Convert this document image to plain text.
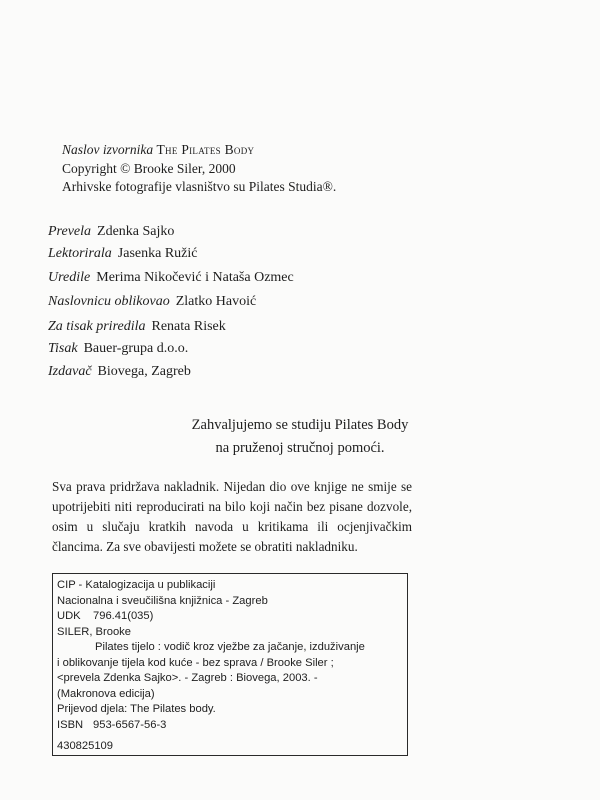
Naslov izvornika The Pilates Body
Copyright © Brooke Siler, 2000
Arhivske fotografije vlasništvo su Pilates Studia®.
Prevela Zdenka Sajko
Lektorirala Jasenka Ružić
Uredile Merima Nikočević i Nataša Ozmec
Naslovnicu oblikovao Zlatko Havoić
Za tisak priredila Renata Risek
Tisak Bauer-grupa d.o.o.
Izdavač Biovega, Zagreb
Zahvaljujemo se studiju Pilates Body
na pruženoj stručnoj pomoći.
Sva prava pridržava nakladnik. Nijedan dio ove knjige ne smije se upotrijebiti niti reproducirati na bilo koji način bez pisane dozvole, osim u slučaju kratkih navoda u kritikama ili ocjenjivačkim člancima. Za sve obavijesti možete se obratiti nakladniku.
CIP - Katalogizacija u publikaciji
Nacionalna i sveučilišna knjižnica - Zagreb
UDK 796.41(035)
SILER, Brooke
Pilates tijelo : vodič kroz vježbe za jačanje, izduživanje
i oblikovanje tijela kod kuće - bez sprava / Brooke Siler ;
<prevela Zdenka Sajko>. - Zagreb : Biovega, 2003. -
(Makronova edicija)
Prijevod djela: The Pilates body.
ISBN 953-6567-56-3
430825109
